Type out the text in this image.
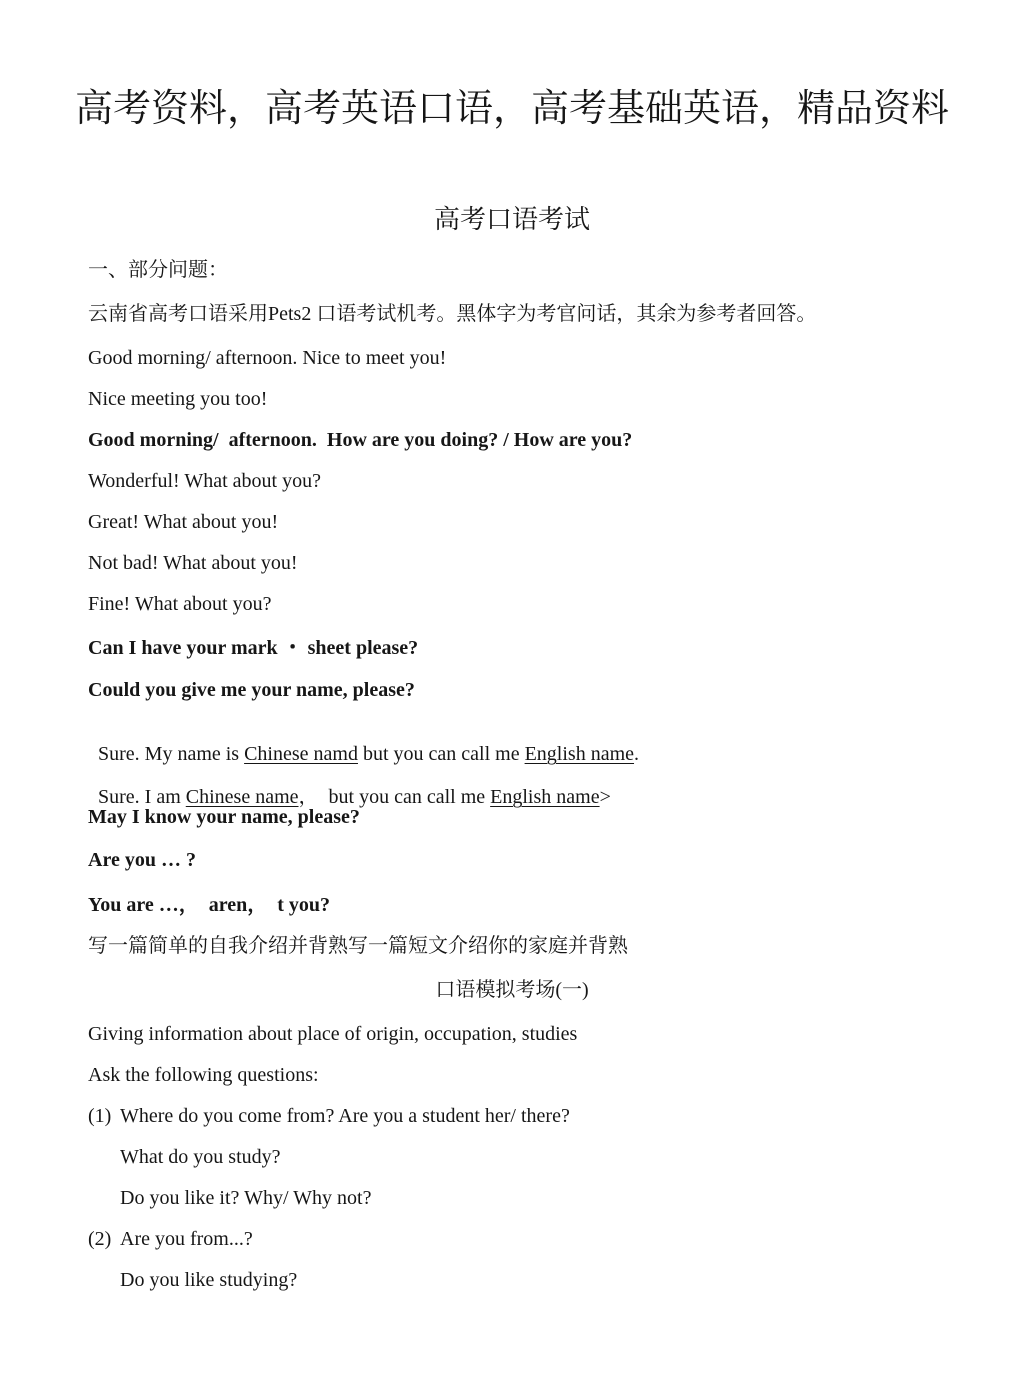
高考资料，高考英语口语，高考基础英语，精品资料
高考口语考试
一、部分问题：
云南省高考口语采用Pets2 口语考试机考。黑体字为考官问话，其余为参考者回答。
Good morning/ afternoon. Nice to meet you!
Nice meeting you too!
Good morning/  afternoon.  How are you doing? / How are you?
Wonderful! What about you?
Great! What about you!
Not bad! What about you!
Fine! What about you?
Can I have your mark ・ sheet please?
Could you give me your name, please?

Sure. My name is Chinese namd but you can call me English name.

Sure. I am Chinese name，  but you can call me English name>

May I know your name, please?
Are you … ?
You are …，  aren，  t you?
写一篇简单的自我介绍并背熟写一篇短文介绍你的家庭并背熟
口语模拟考场(一)
Giving information about place of origin, occupation, studies
Ask the following questions:
(1) Where do you come from? Are you a student her/ there?
What do you study?
Do you like it? Why/ Why not?
(2) Are you from...?
Do you like studying?
